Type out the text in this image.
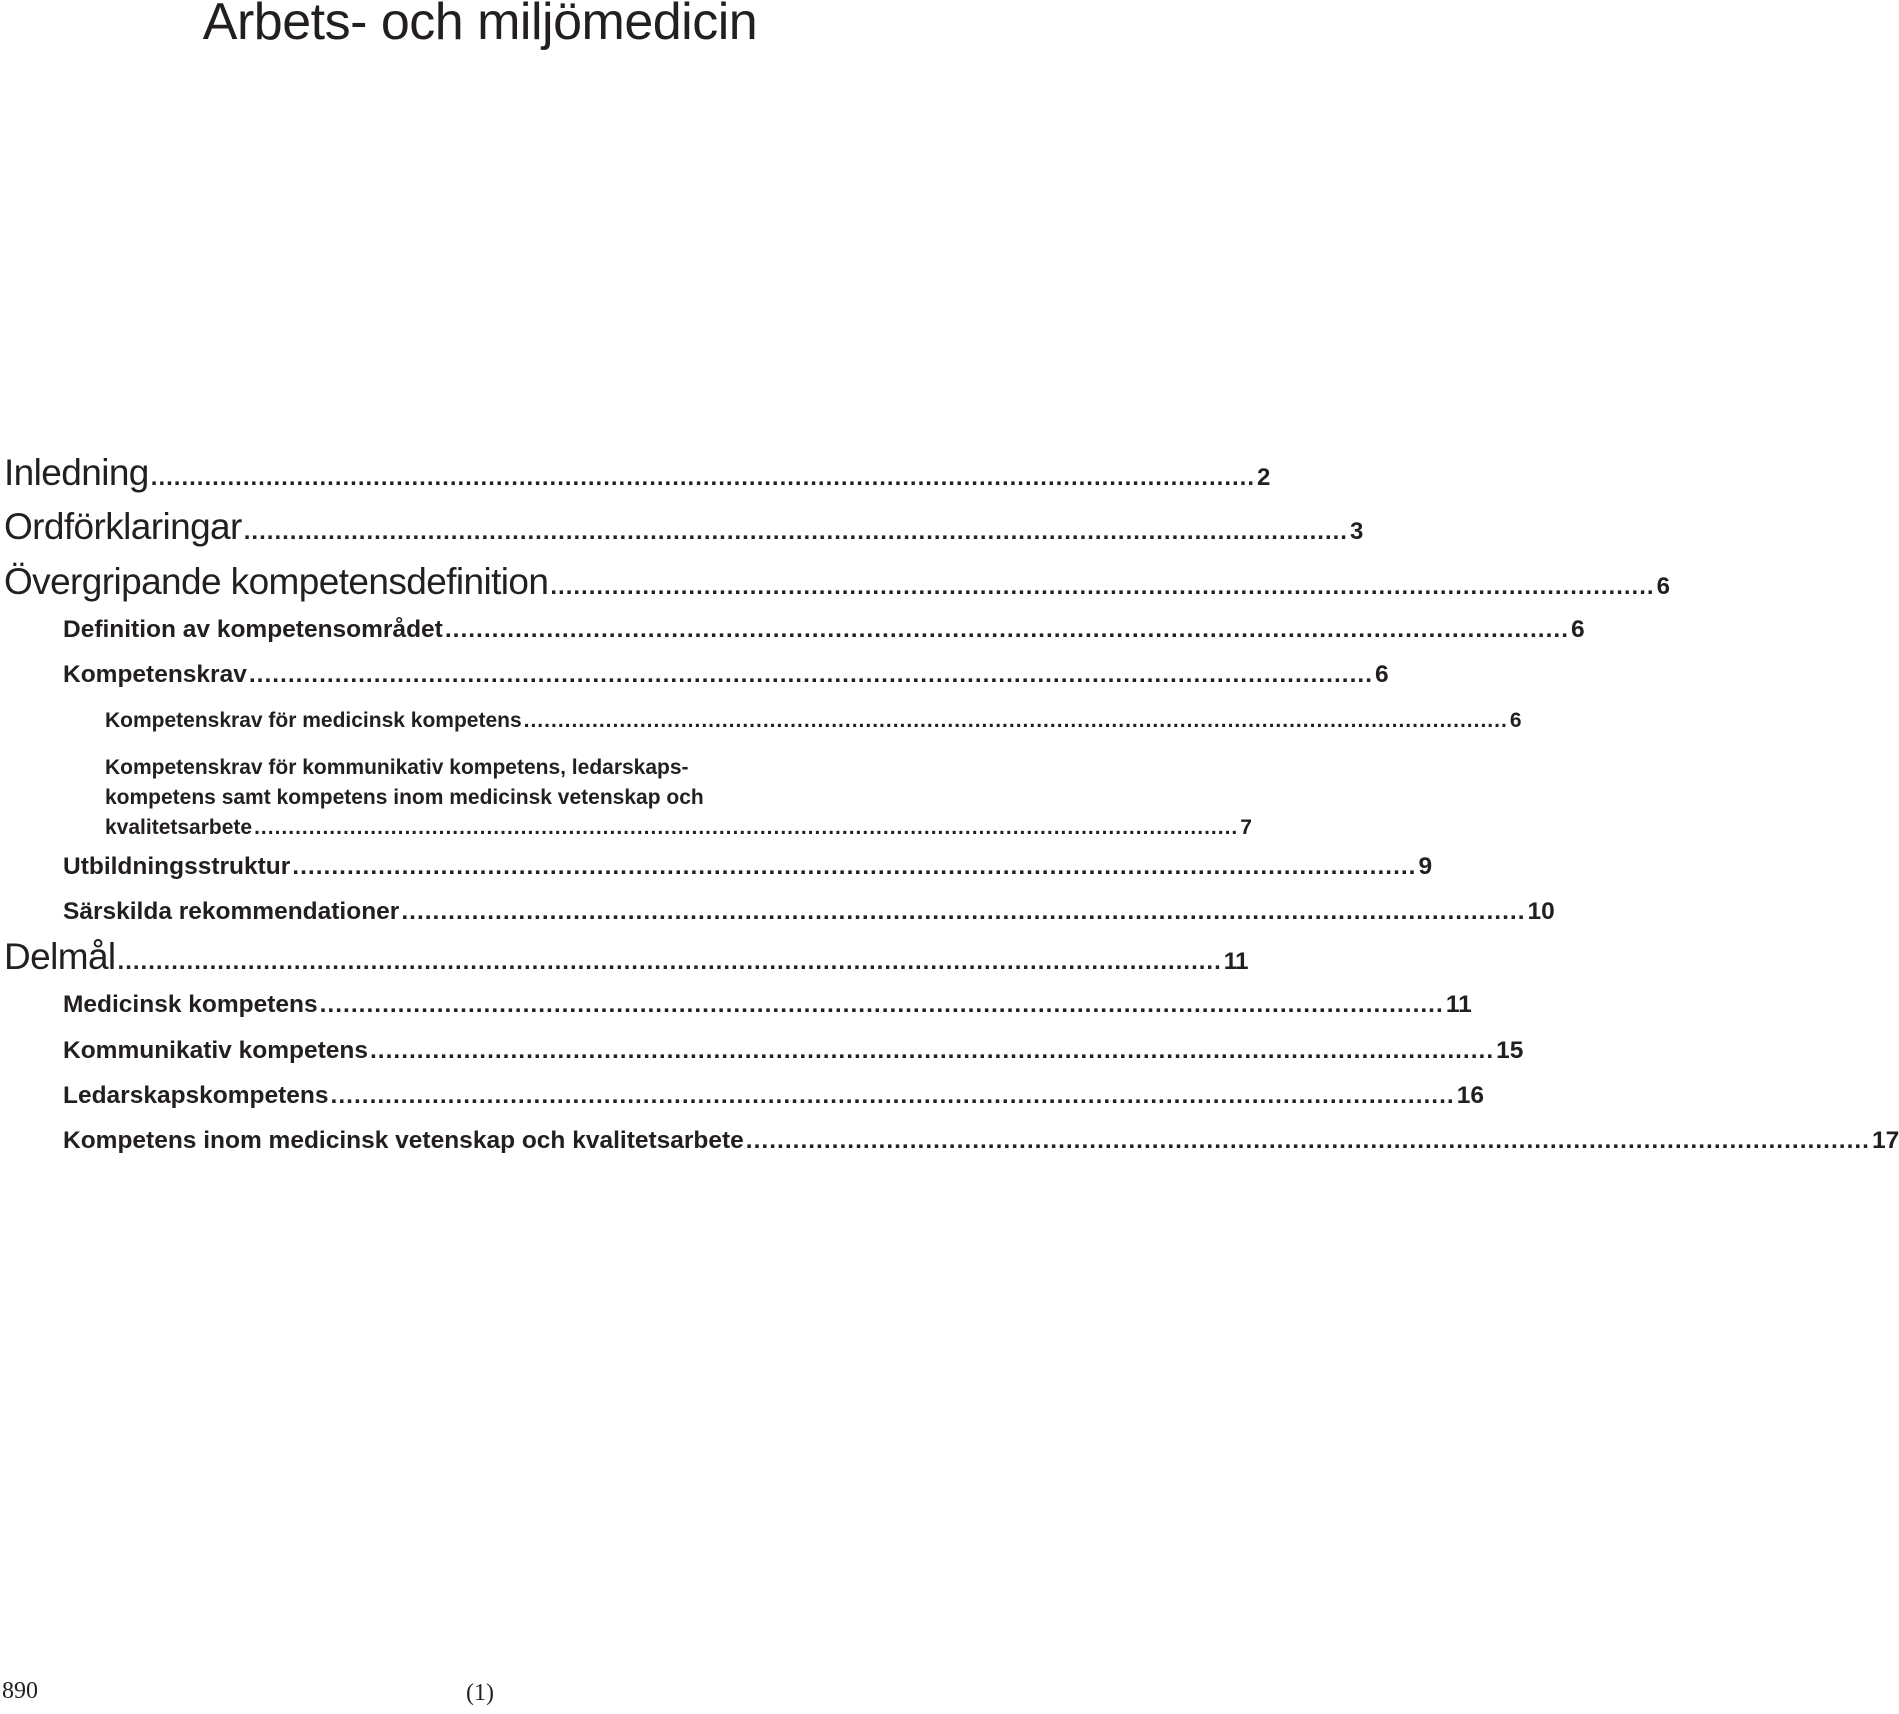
Arbets- och miljömedicin
Inledning ................................................................................................................................................ 2
Ordförklaringar ................................................................................................................................................ 3
Övergripande kompetensdefinition ................................................................................................................................................ 6
Definition av kompetensområdet ................................................................................................................................................ 6
Kompetenskrav ................................................................................................................................................ 6
Kompetenskrav för medicinsk kompetens ................................................................................................................................................ 6
Kompetenskrav för kommunikativ kompetens, ledarskaps-
kompetens samt kompetens inom medicinsk vetenskap och
kvalitetsarbete ................................................................................................................................................ 7
Utbildningsstruktur ................................................................................................................................................ 9
Särskilda rekommendationer ................................................................................................................................................ 10
Delmål ................................................................................................................................................ 11
Medicinsk kompetens ................................................................................................................................................ 11
Kommunikativ kompetens ................................................................................................................................................ 15
Ledarskapskompetens ................................................................................................................................................ 16
Kompetens inom medicinsk vetenskap och kvalitetsarbete ................................................................................................................................................ 17
890	(1)
